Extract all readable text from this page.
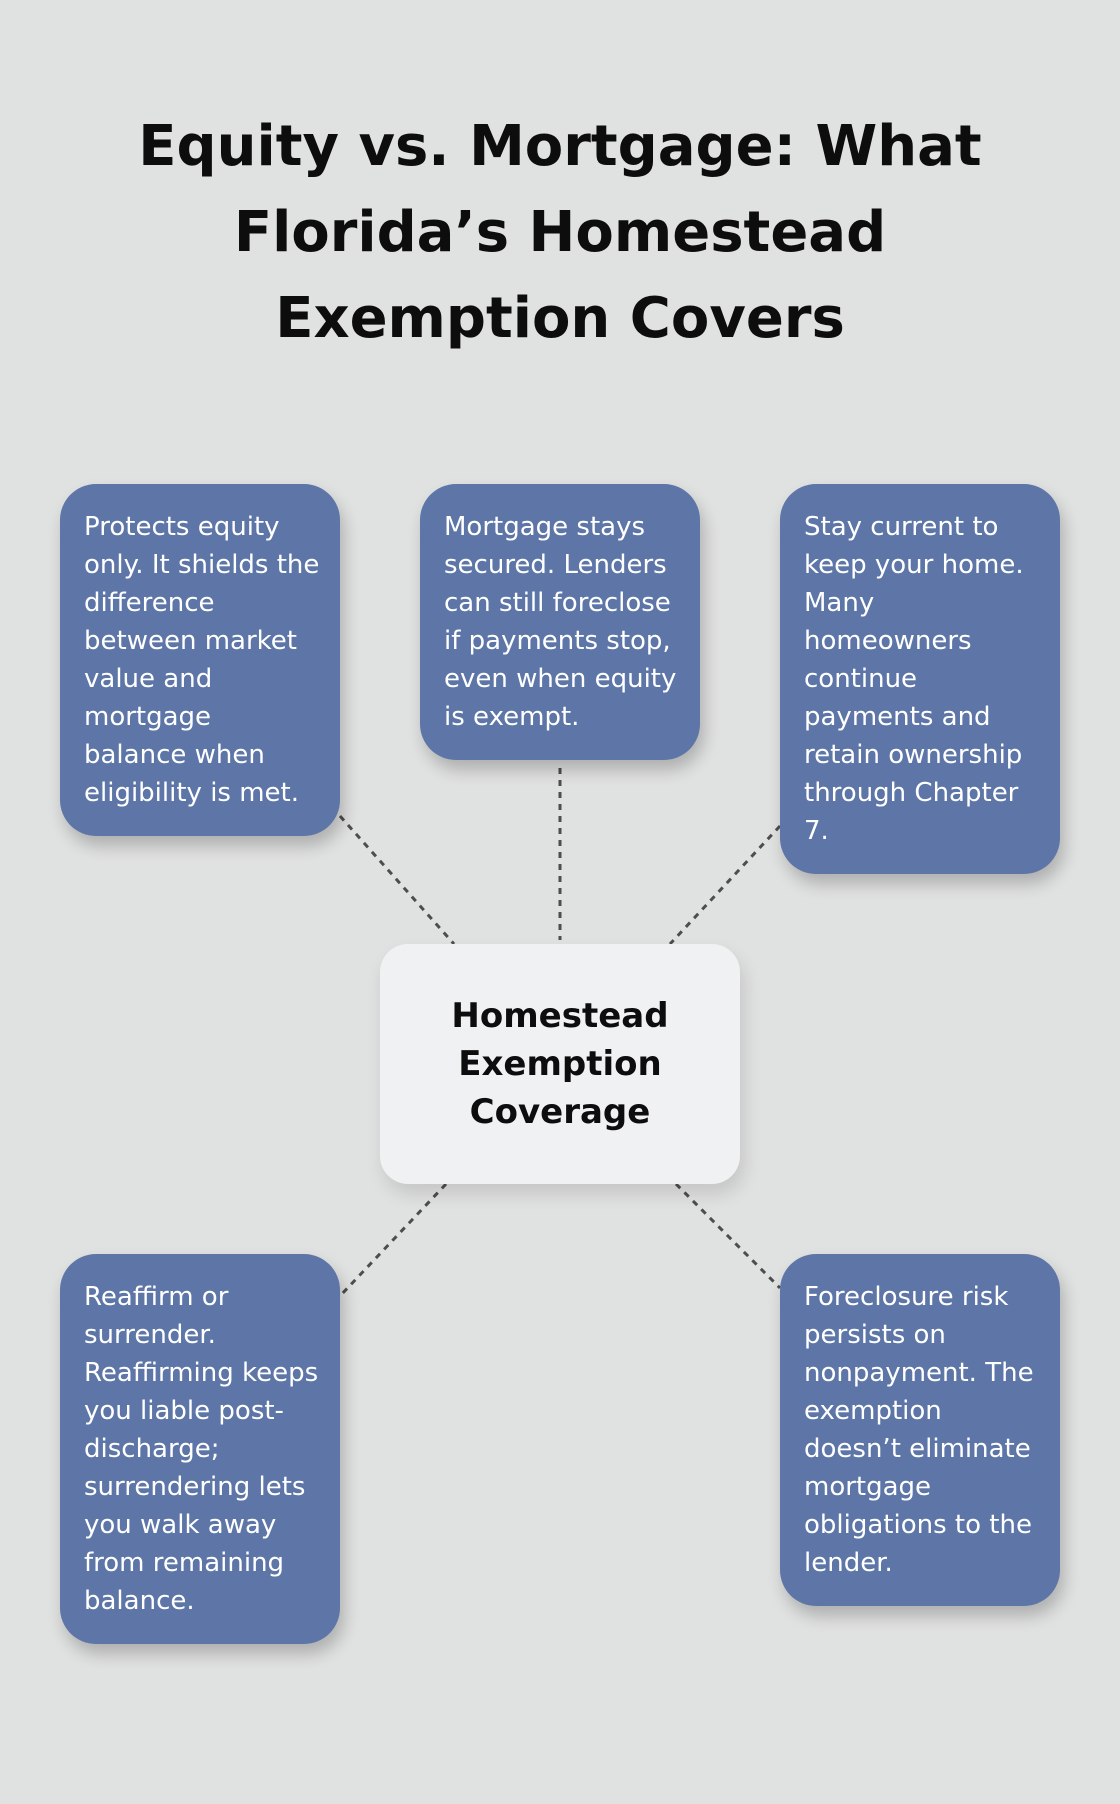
Equity vs. Mortgage: What Florida’s Homestead Exemption Covers
Protects equity only. It shields the difference between market value and mortgage balance when eligibility is met.
Mortgage stays secured. Lenders can still foreclose if payments stop, even when equity is exempt.
Stay current to keep your home. Many homeowners continue payments and retain ownership through Chapter 7.
Homestead Exemption Coverage
Reaffirm or surrender. Reaffirming keeps you liable post-discharge; surrendering lets you walk away from remaining balance.
Foreclosure risk persists on nonpayment. The exemption doesn’t eliminate mortgage obligations to the lender.
